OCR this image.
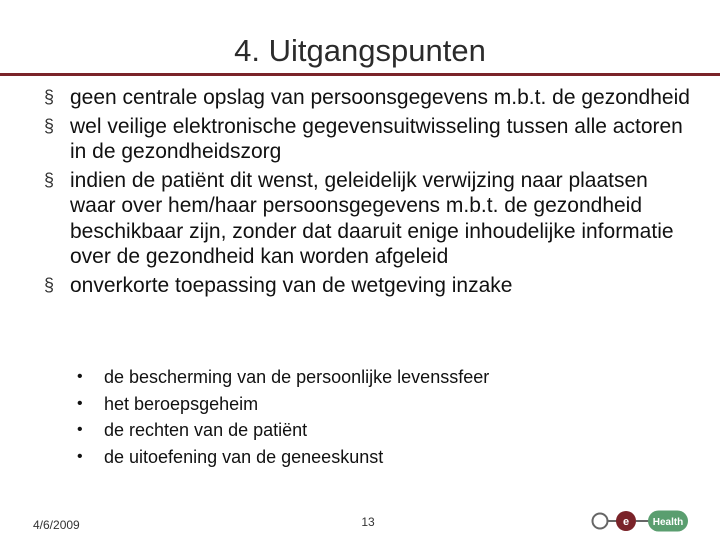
4. Uitgangspunten
§ geen centrale opslag van persoonsgegevens m.b.t. de gezondheid
§ wel veilige elektronische gegevensuitwisseling tussen alle actoren in de gezondheidszorg
§ indien de patiënt dit wenst, geleidelijk verwijzing naar plaatsen waar over hem/haar persoonsgegevens m.b.t. de gezondheid beschikbaar zijn, zonder dat daaruit enige inhoudelijke informatie over de gezondheid kan worden afgeleid
§ onverkorte toepassing van de wetgeving inzake
• de bescherming van de persoonlijke levenssfeer
• het beroepsgeheim
• de rechten van de patiënt
• de uitoefening van de geneeskunst
4/6/2009	13	e Health
